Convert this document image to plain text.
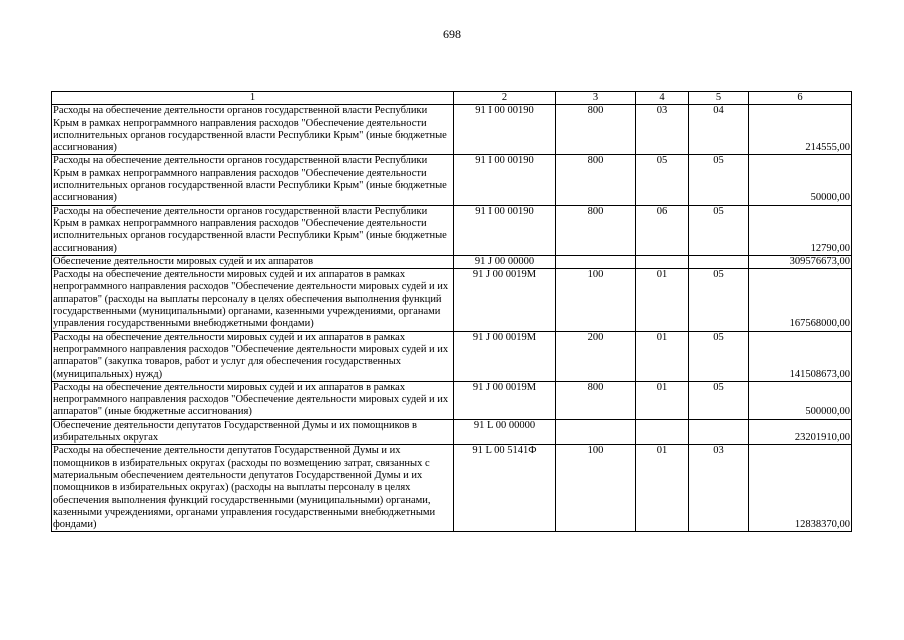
698
1	2	3	4	5	6
Расходы на обеспечение деятельности органов государственной власти Республики Крым в рамках непрограммного направления расходов "Обеспечение деятельности исполнительных органов государственной власти Республики Крым" (иные бюджетные ассигнования)	91 I 00 00190	800	03	04	214555,00
Расходы на обеспечение деятельности органов государственной власти Республики Крым в рамках непрограммного направления расходов "Обеспечение деятельности исполнительных органов государственной власти Республики Крым" (иные бюджетные ассигнования)	91 I 00 00190	800	05	05	50000,00
Расходы на обеспечение деятельности органов государственной власти Республики Крым в рамках непрограммного направления расходов "Обеспечение деятельности исполнительных органов государственной власти Республики Крым" (иные бюджетные ассигнования)	91 I 00 00190	800	06	05	12790,00
Обеспечение деятельности мировых судей и их аппаратов	91 J 00 00000				309576673,00
Расходы на обеспечение деятельности мировых судей и их аппаратов в рамках непрограммного направления расходов "Обеспечение деятельности мировых судей и их аппаратов" (расходы на выплаты персоналу в целях обеспечения выполнения функций государственными (муниципальными) органами, казенными учреждениями, органами управления государственными внебюджетными фондами)	91 J 00 0019M	100	01	05	167568000,00
Расходы на обеспечение деятельности мировых судей и их аппаратов в рамках непрограммного направления расходов "Обеспечение деятельности мировых судей и их аппаратов" (закупка товаров, работ и услуг для обеспечения государственных (муниципальных) нужд)	91 J 00 0019M	200	01	05	141508673,00
Расходы на обеспечение деятельности мировых судей и их аппаратов в рамках непрограммного направления расходов "Обеспечение деятельности мировых судей и их аппаратов" (иные бюджетные ассигнования)	91 J 00 0019M	800	01	05	500000,00
Обеспечение деятельности депутатов Государственной Думы и их помощников в избирательных округах	91 L 00 00000				23201910,00
Расходы на обеспечение деятельности депутатов Государственной Думы и их помощников в избирательных округах (расходы по возмещению затрат, связанных с материальным обеспечением деятельности депутатов Государственной Думы и их помощников в избирательных округах) (расходы на выплаты персоналу в целях обеспечения выполнения функций государственными (муниципальными) органами, казенными учреждениями, органами управления государственными внебюджетными фондами)	91 L 00 5141Ф	100	01	03	12838370,00
